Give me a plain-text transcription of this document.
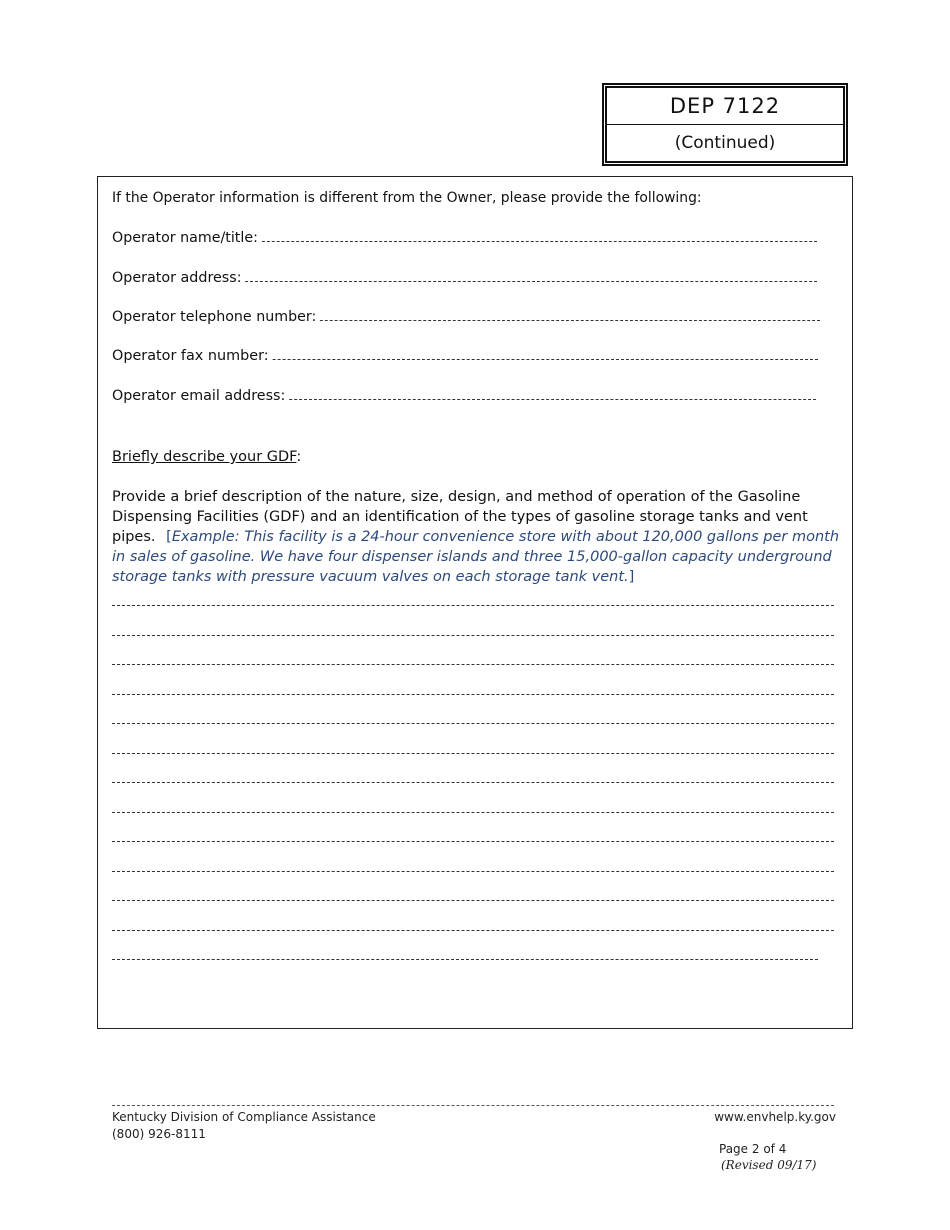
DEP 7122
(Continued)
If the Operator information is different from the Owner, please provide the following:
Operator name/title:
Operator address:
Operator telephone number:
Operator fax number:
Operator email address:
Briefly describe your GDF:
Provide a brief description of the nature, size, design, and method of operation of the Gasoline Dispensing Facilities (GDF) and an identification of the types of gasoline storage tanks and vent pipes. [Example: This facility is a 24-hour convenience store with about 120,000 gallons per month in sales of gasoline. We have four dispenser islands and three 15,000-gallon capacity underground storage tanks with pressure vacuum valves on each storage tank vent.]
Kentucky Division of Compliance Assistance
(800) 926-8111
www.envhelp.ky.gov
Page 2 of 4
(Revised 09/17)
